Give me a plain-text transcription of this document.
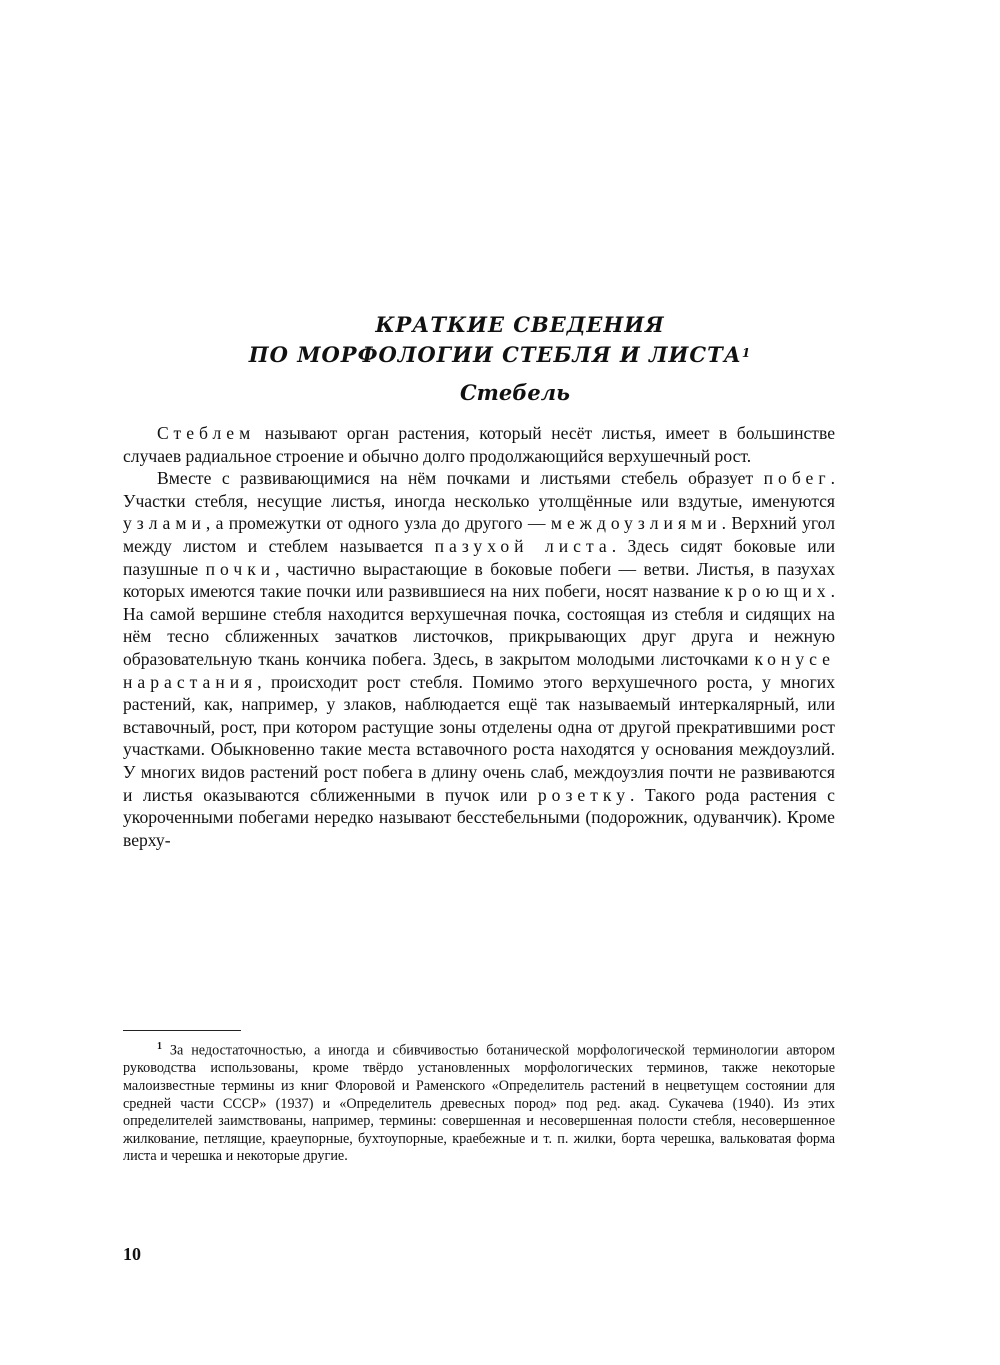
КРАТКИЕ СВЕДЕНИЯ
ПО МОРФОЛОГИИ СТЕБЛЯ И ЛИСТА$^1$
Стебель

Стеблем называют орган растения, который несёт листья, имеет в большинстве случаев радиальное строение и обычно долго продолжающийся верхушечный рост.

Вместе с развивающимися на нём почками и листьями стебель образует побег. Участки стебля, несущие листья, иногда несколько утолщённые или вздутые, именуются узлами, а промежутки от одного узла до другого — междоузлиями. Верхний угол между листом и стеблем называется пазухой листа. Здесь сидят боковые или пазушные почки, частично вырастающие в боковые побеги — ветви. Листья, в пазухах которых имеются такие почки или развившиеся на них побеги, носят название кроющих. На самой вершине стебля находится верхушечная почка, состоящая из стебля и сидящих на нём тесно сближенных зачатков листочков, прикрывающих друг друга и нежную образовательную ткань кончика побега. Здесь, в закрытом молодыми листочками конусе нарастания, происходит рост стебля. Помимо этого верхушечного роста, у многих растений, как, например, у злаков, наблюдается ещё так называемый интеркалярный, или вставочный, рост, при котором растущие зоны отделены одна от другой прекратившими рост участками. Обыкновенно такие места вставочного роста находятся у основания междоузлий. У многих видов растений рост побега в длину очень слаб, междоузлия почти не развиваются и листья оказываются сближенными в пучок или розетку. Такого рода растения с укороченными побегами нередко называют бесстебельными (подорожник, одуванчик). Кроме верху-

$^1$ За недостаточностью, а иногда и сбивчивостью ботанической морфологической терминологии автором руководства использованы, кроме твёрдо установленных морфологических терминов, также некоторые малоизвестные термины из книг Флоровой и Раменского «Определитель растений в нецветущем состоянии для средней части СССР» (1937) и «Определитель древесных пород» под ред. акад. Сукачева (1940). Из этих определителей заимствованы, например, термины: совершенная и несовершенная полости стебля, несовершенное жилкование, петлящие, краеупорные, бухтоупорные, краебежные и т. п. жилки, борта черешка, вальковатая форма листа и черешка и некоторые другие.

10
